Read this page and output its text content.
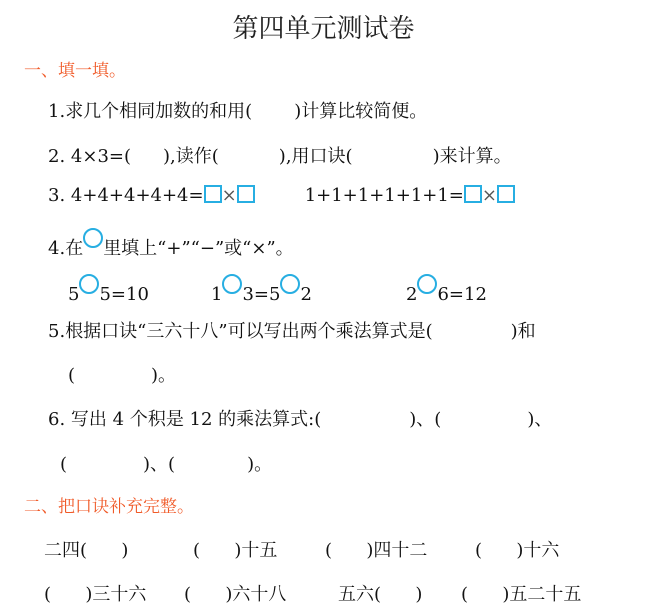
第四单元测试卷
一、填一填。
1.求几个相同加数的和用( )计算比较简便。
2. 4×3=( ),读作(	),用口诀(	)来计算。
3. 4+4+4+4+4= ×	1+1+1+1+1+1= ×
4.在 里填上“+”“−”或“×”。
5 5=10	1 3=5 2	2 6=12
5.根据口诀“三六十八”可以写出两个乘法算式是(	)和
(	)。
6. 写出 4 个积是 12 的乘法算式:(	)、(	)、
(	)、(	)。
二、把口诀补充完整。
二四(      )	(      )十五	(      )四十二	(      )十六
(      )三十六 (      )六十八	五六(      ) (      )五二十五
